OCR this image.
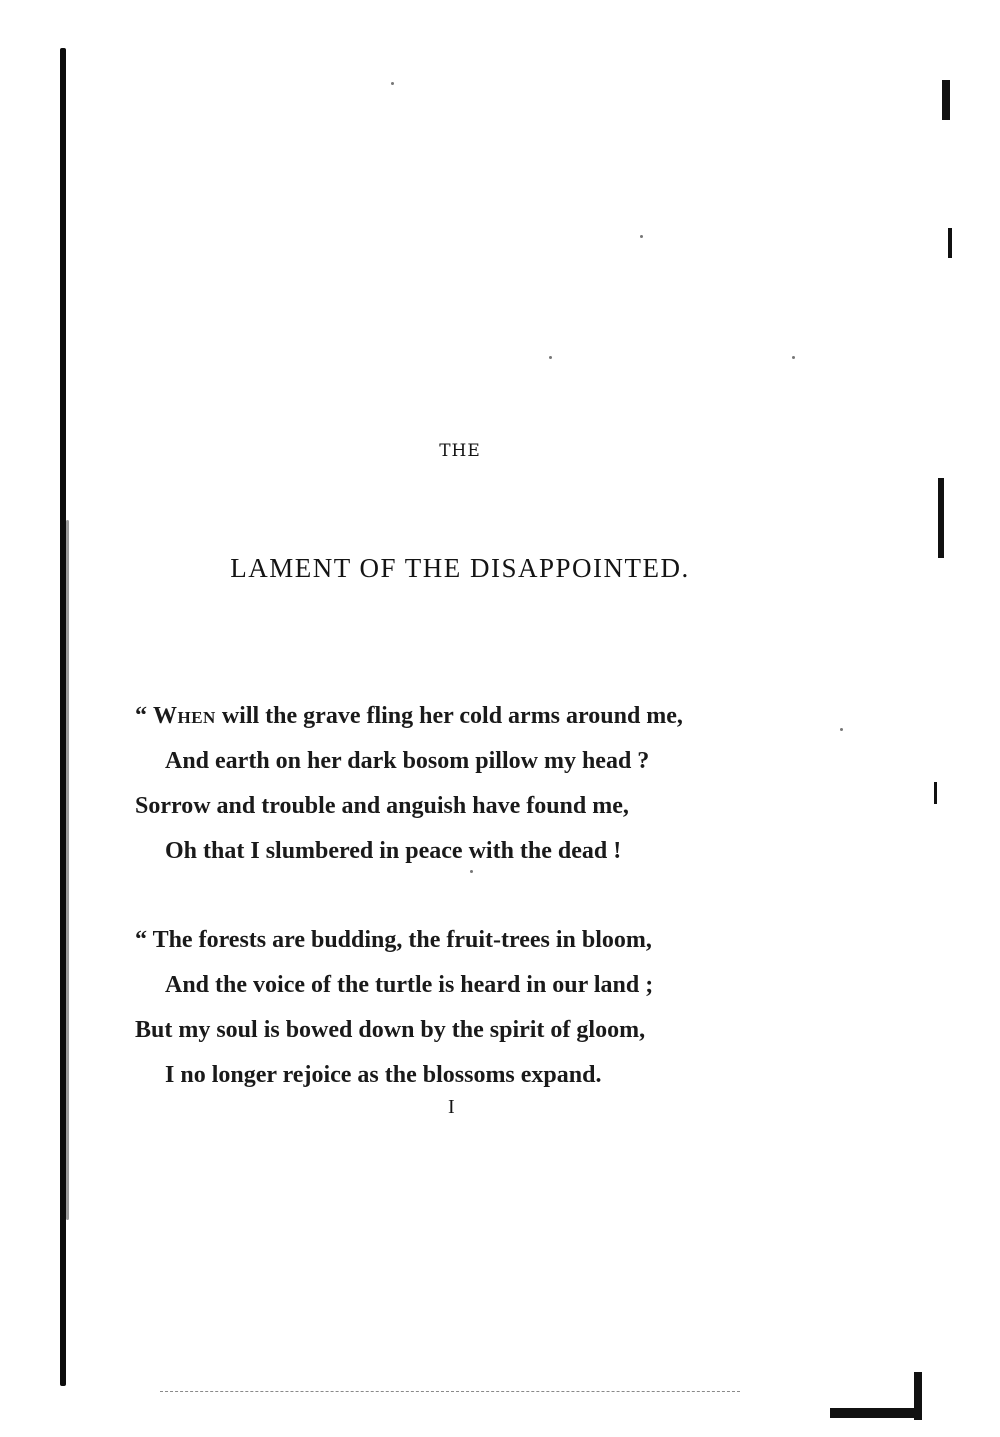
THE
LAMENT OF THE DISAPPOINTED.
“ When will the grave fling her cold arms around me,
And earth on her dark bosom pillow my head ?
Sorrow and trouble and anguish have found me,
Oh that I slumbered in peace with the dead !
“ The forests are budding, the fruit-trees in bloom,
And the voice of the turtle is heard in our land ;
But my soul is bowed down by the spirit of gloom,
I no longer rejoice as the blossoms expand.
I
